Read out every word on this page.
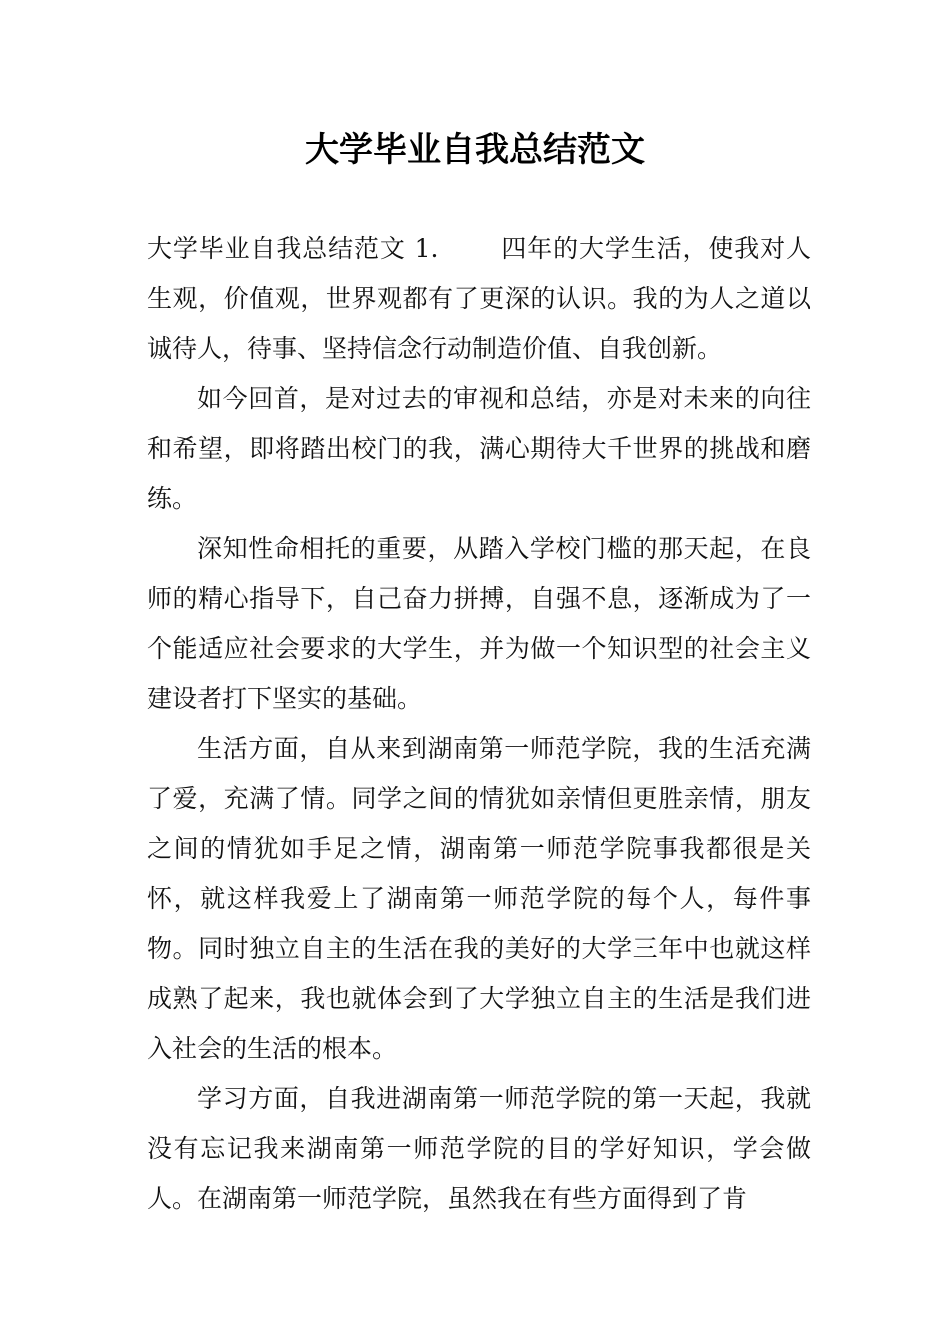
大学毕业自我总结范文

大学毕业自我总结范文 1. 四年的大学生活，使我对人生观，价值观，世界观都有了更深的认识。我的为人之道以诚待人，待事、坚持信念行动制造价值、自我创新。

如今回首，是对过去的审视和总结，亦是对未来的向往和希望，即将踏出校门的我，满心期待大千世界的挑战和磨练。

深知性命相托的重要，从踏入学校门槛的那天起，在良师的精心指导下，自己奋力拼搏，自强不息，逐渐成为了一个能适应社会要求的大学生，并为做一个知识型的社会主义建设者打下坚实的基础。

生活方面，自从来到湖南第一师范学院，我的生活充满了爱，充满了情。同学之间的情犹如亲情但更胜亲情，朋友之间的情犹如手足之情，湖南第一师范学院事我都很是关怀，就这样我爱上了湖南第一师范学院的每个人，每件事物。同时独立自主的生活在我的美好的大学三年中也就这样成熟了起来，我也就体会到了大学独立自主的生活是我们进入社会的生活的根本。

学习方面，自我进湖南第一师范学院的第一天起，我就没有忘记我来湖南第一师范学院的目的学好知识，学会做人。在湖南第一师范学院，虽然我在有些方面得到了肯
